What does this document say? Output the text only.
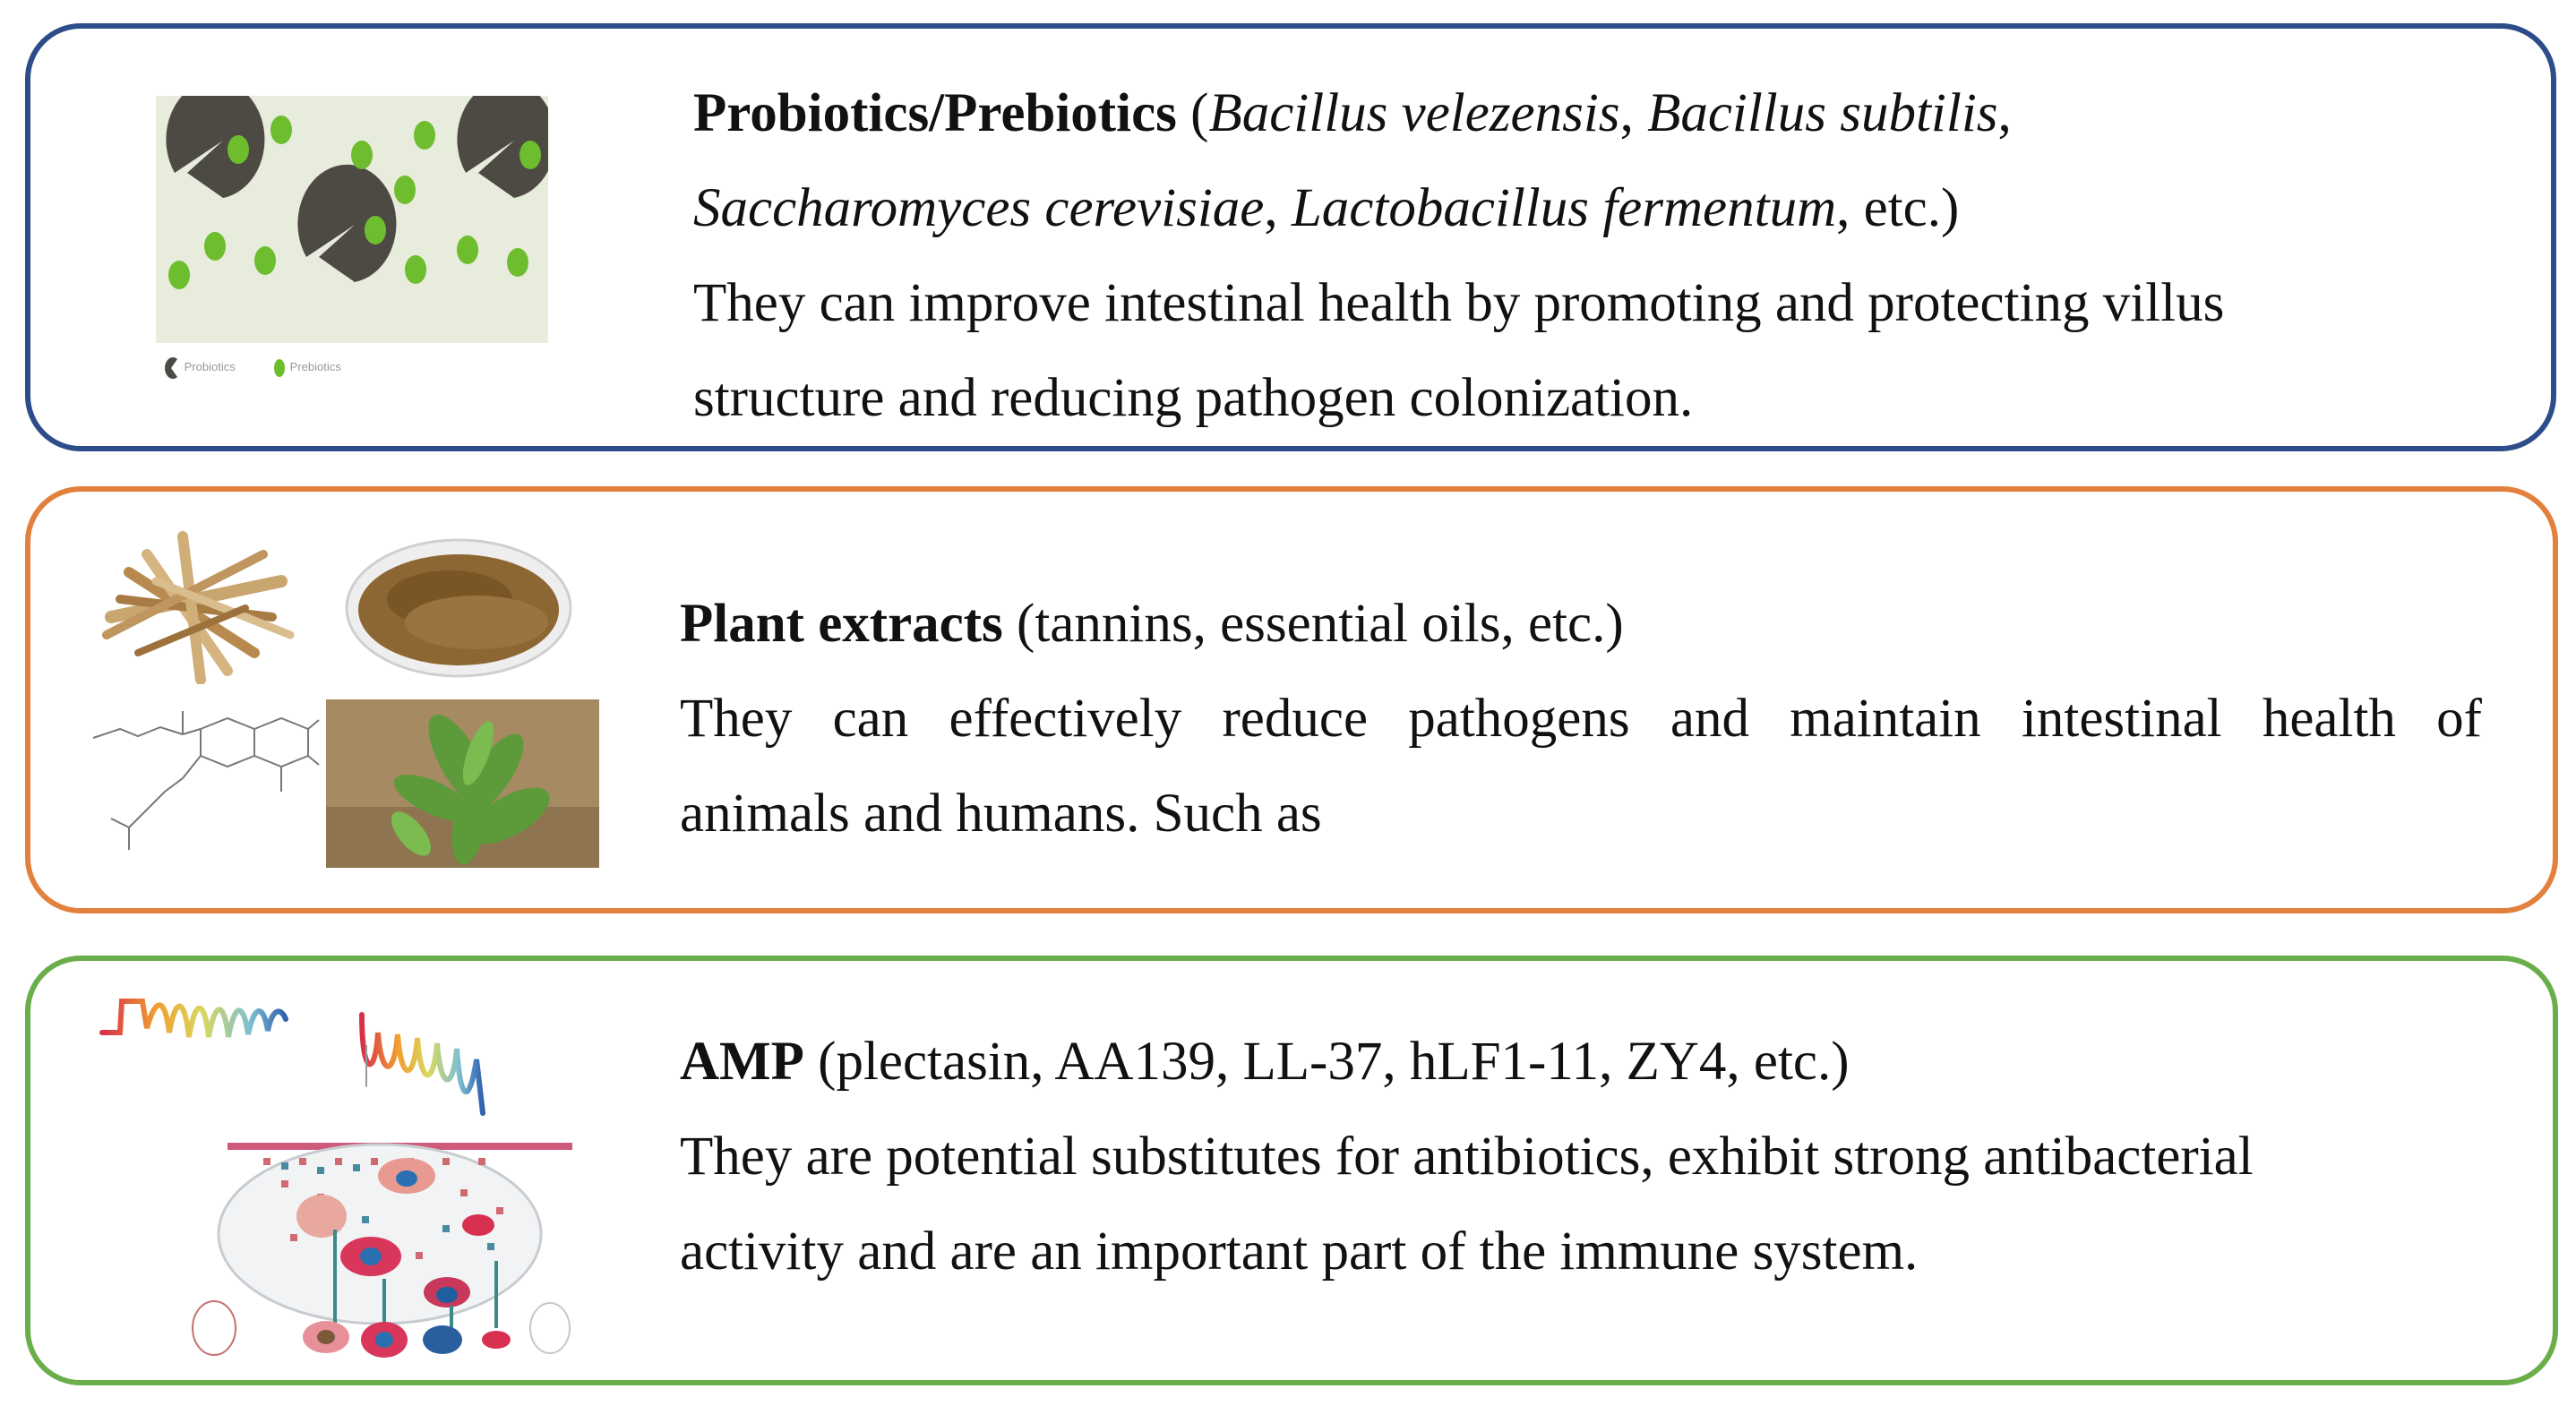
Probiotics	Prebiotics
Probiotics/Prebiotics (Bacillus velezensis, Bacillus subtilis,
Saccharomyces cerevisiae, Lactobacillus fermentum, etc.)
They can improve intestinal health by promoting and protecting villus
structure and reducing pathogen colonization.
Plant extracts (tannins, essential oils, etc.)
They can effectively reduce pathogens and maintain intestinal health of
animals and humans. Such as
AMP (plectasin, AA139, LL-37, hLF1-11, ZY4, etc.)
They are potential substitutes for antibiotics, exhibit strong antibacterial
activity and are an important part of the immune system.
